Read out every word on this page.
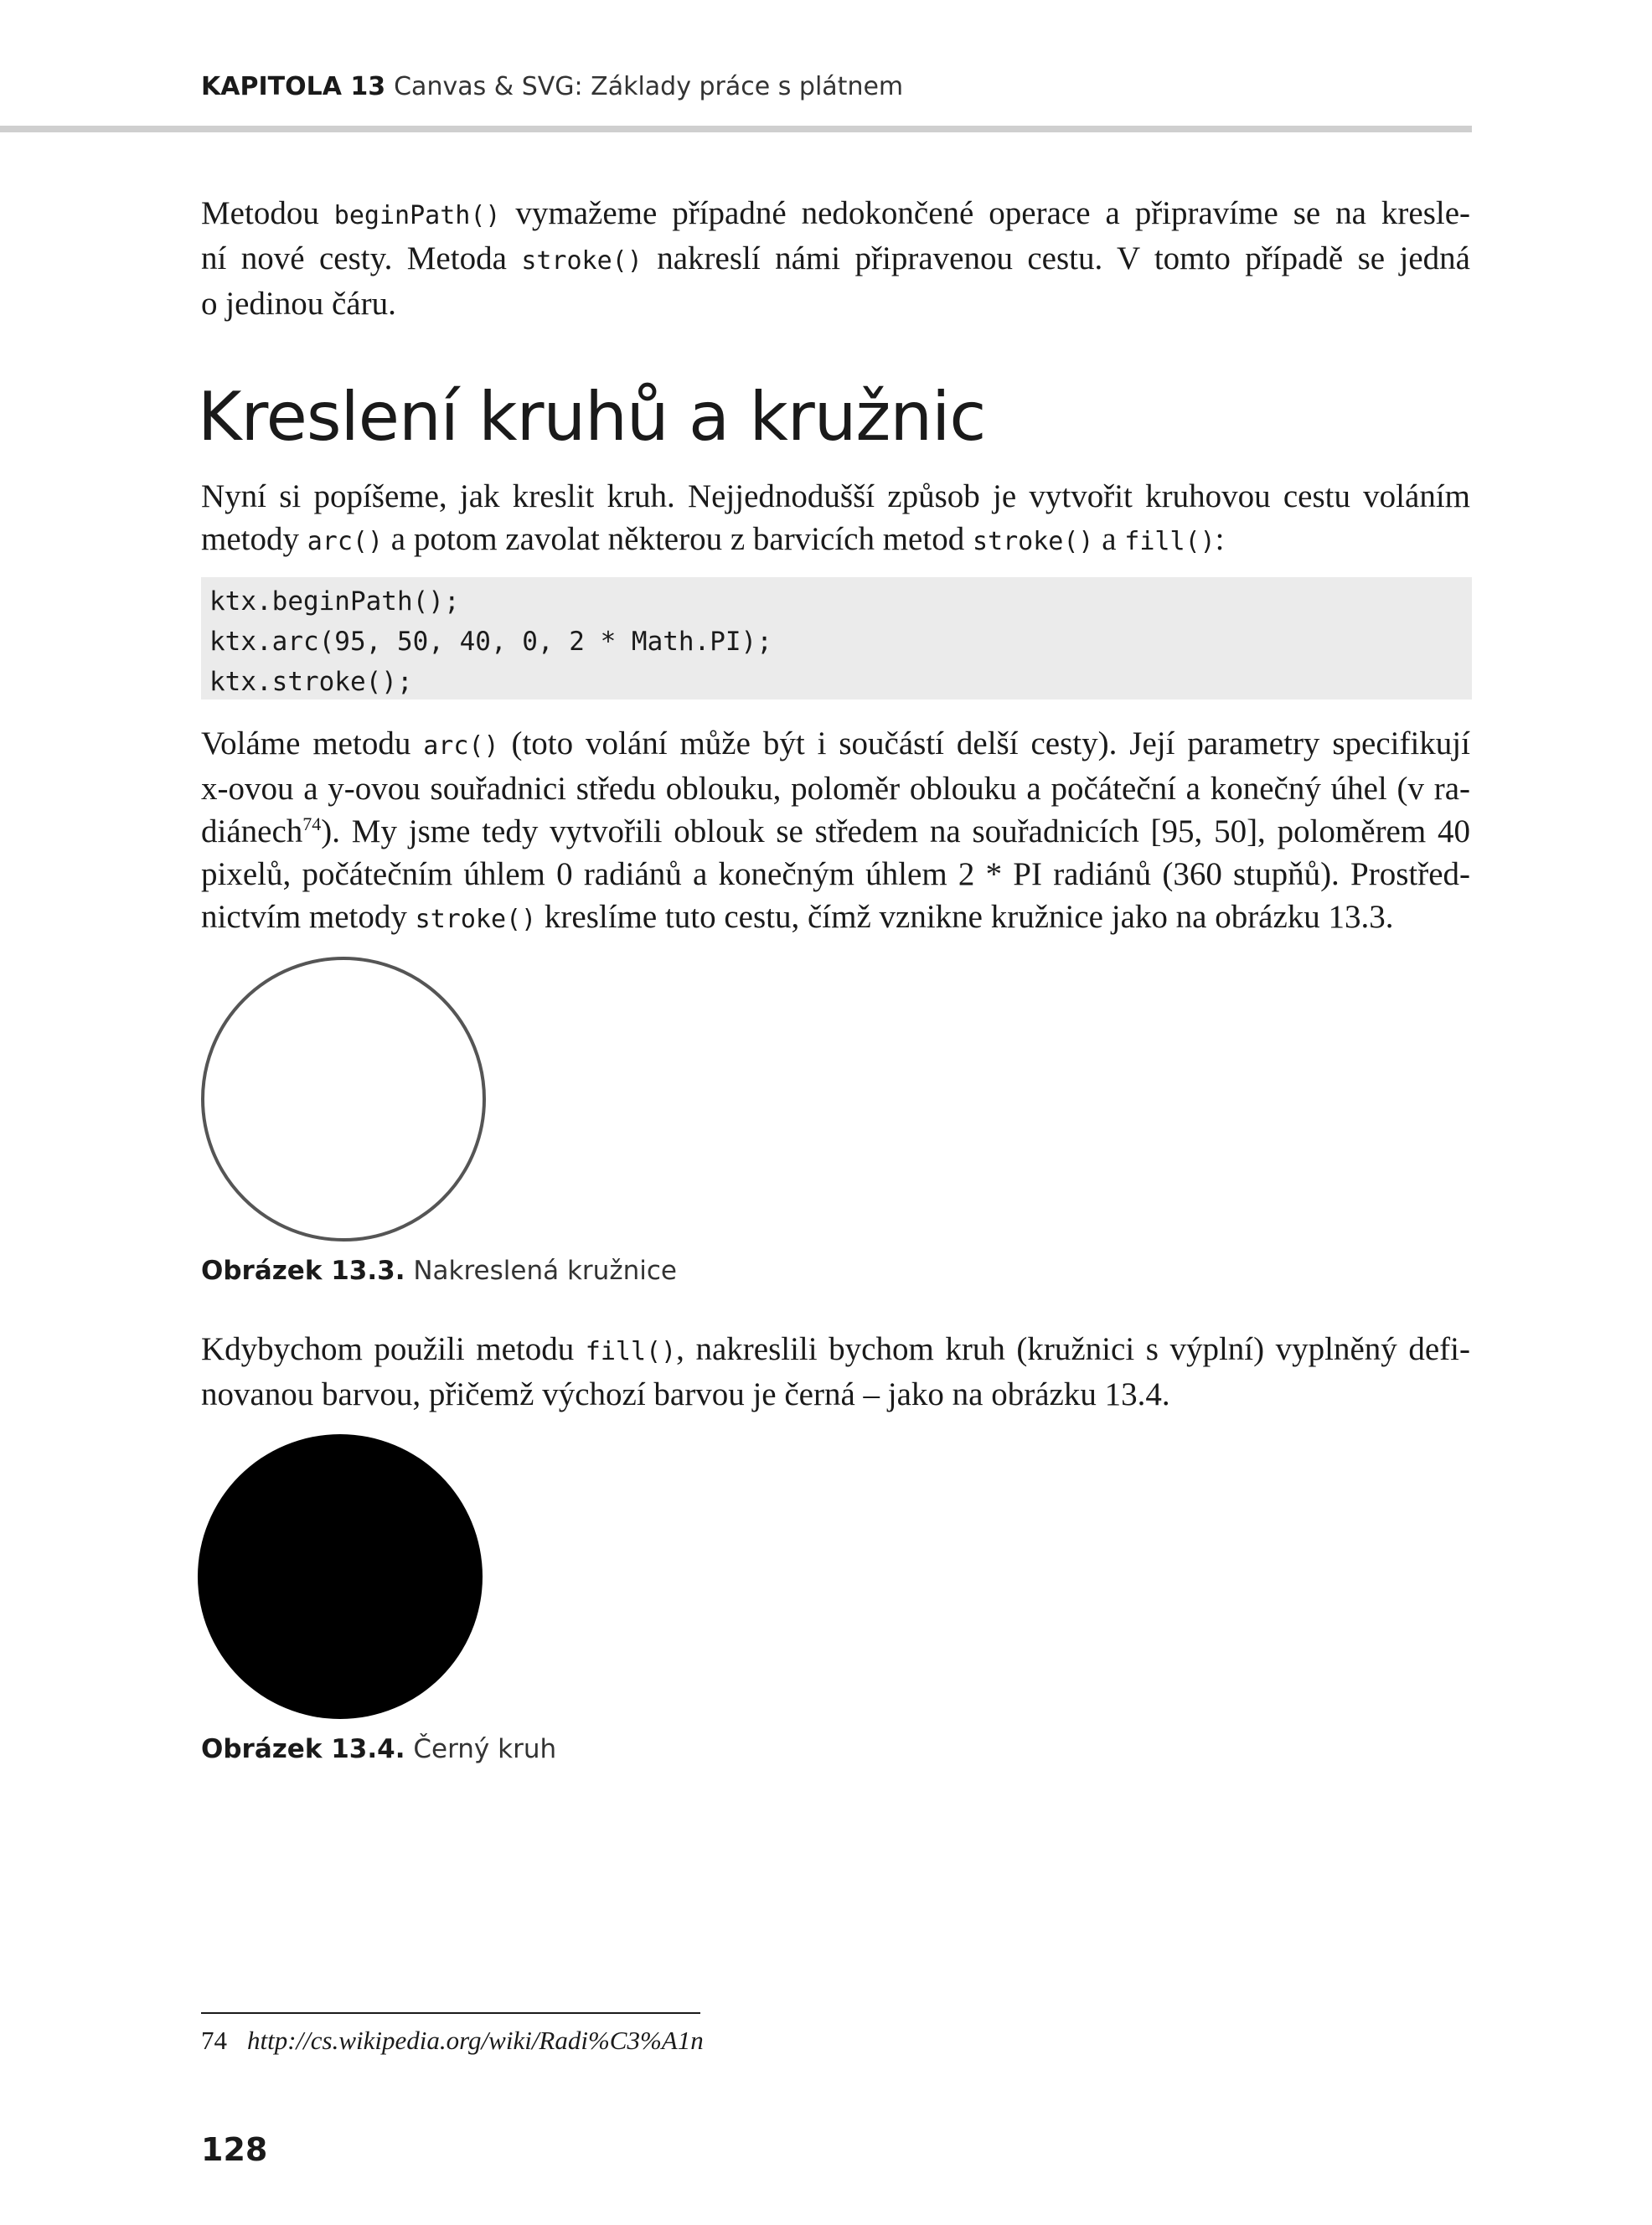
KAPITOLA 13 Canvas & SVG: Základy práce s plátnem
Metodou beginPath() vymažeme případné nedokončené operace a připravíme se na kresle-
ní nové cesty. Metoda stroke() nakreslí námi připravenou cestu. V tomto případě se jedná
o jedinou čáru.
Kreslení kruhů a kružnic
Nyní si popíšeme, jak kreslit kruh. Nejjednodušší způsob je vytvořit kruhovou cestu voláním
metody arc() a potom zavolat některou z barvicích metod stroke() a fill():
ktx.beginPath();
ktx.arc(95, 50, 40, 0, 2 * Math.PI);
ktx.stroke();
Voláme metodu arc() (toto volání může být i součástí delší cesty). Její parametry specifikují
x-ovou a y-ovou souřadnici středu oblouku, poloměr oblouku a počáteční a konečný úhel (v ra-
diánech$^{74}$). My jsme tedy vytvořili oblouk se středem na souřadnicích [95, 50], poloměrem 40
pixelů, počátečním úhlem 0 radiánů a konečným úhlem 2 * PI radiánů (360 stupňů). Prostřed-
nictvím metody stroke() kreslíme tuto cestu, čímž vznikne kružnice jako na obrázku 13.3.
Obrázek 13.3. Nakreslená kružnice
Kdybychom použili metodu fill(), nakreslili bychom kruh (kružnici s výplní) vyplněný defi-
novanou barvou, přičemž výchozí barvou je černá – jako na obrázku 13.4.
Obrázek 13.4. Černý kruh
74 http://cs.wikipedia.org/wiki/Radi%C3%A1n
128
